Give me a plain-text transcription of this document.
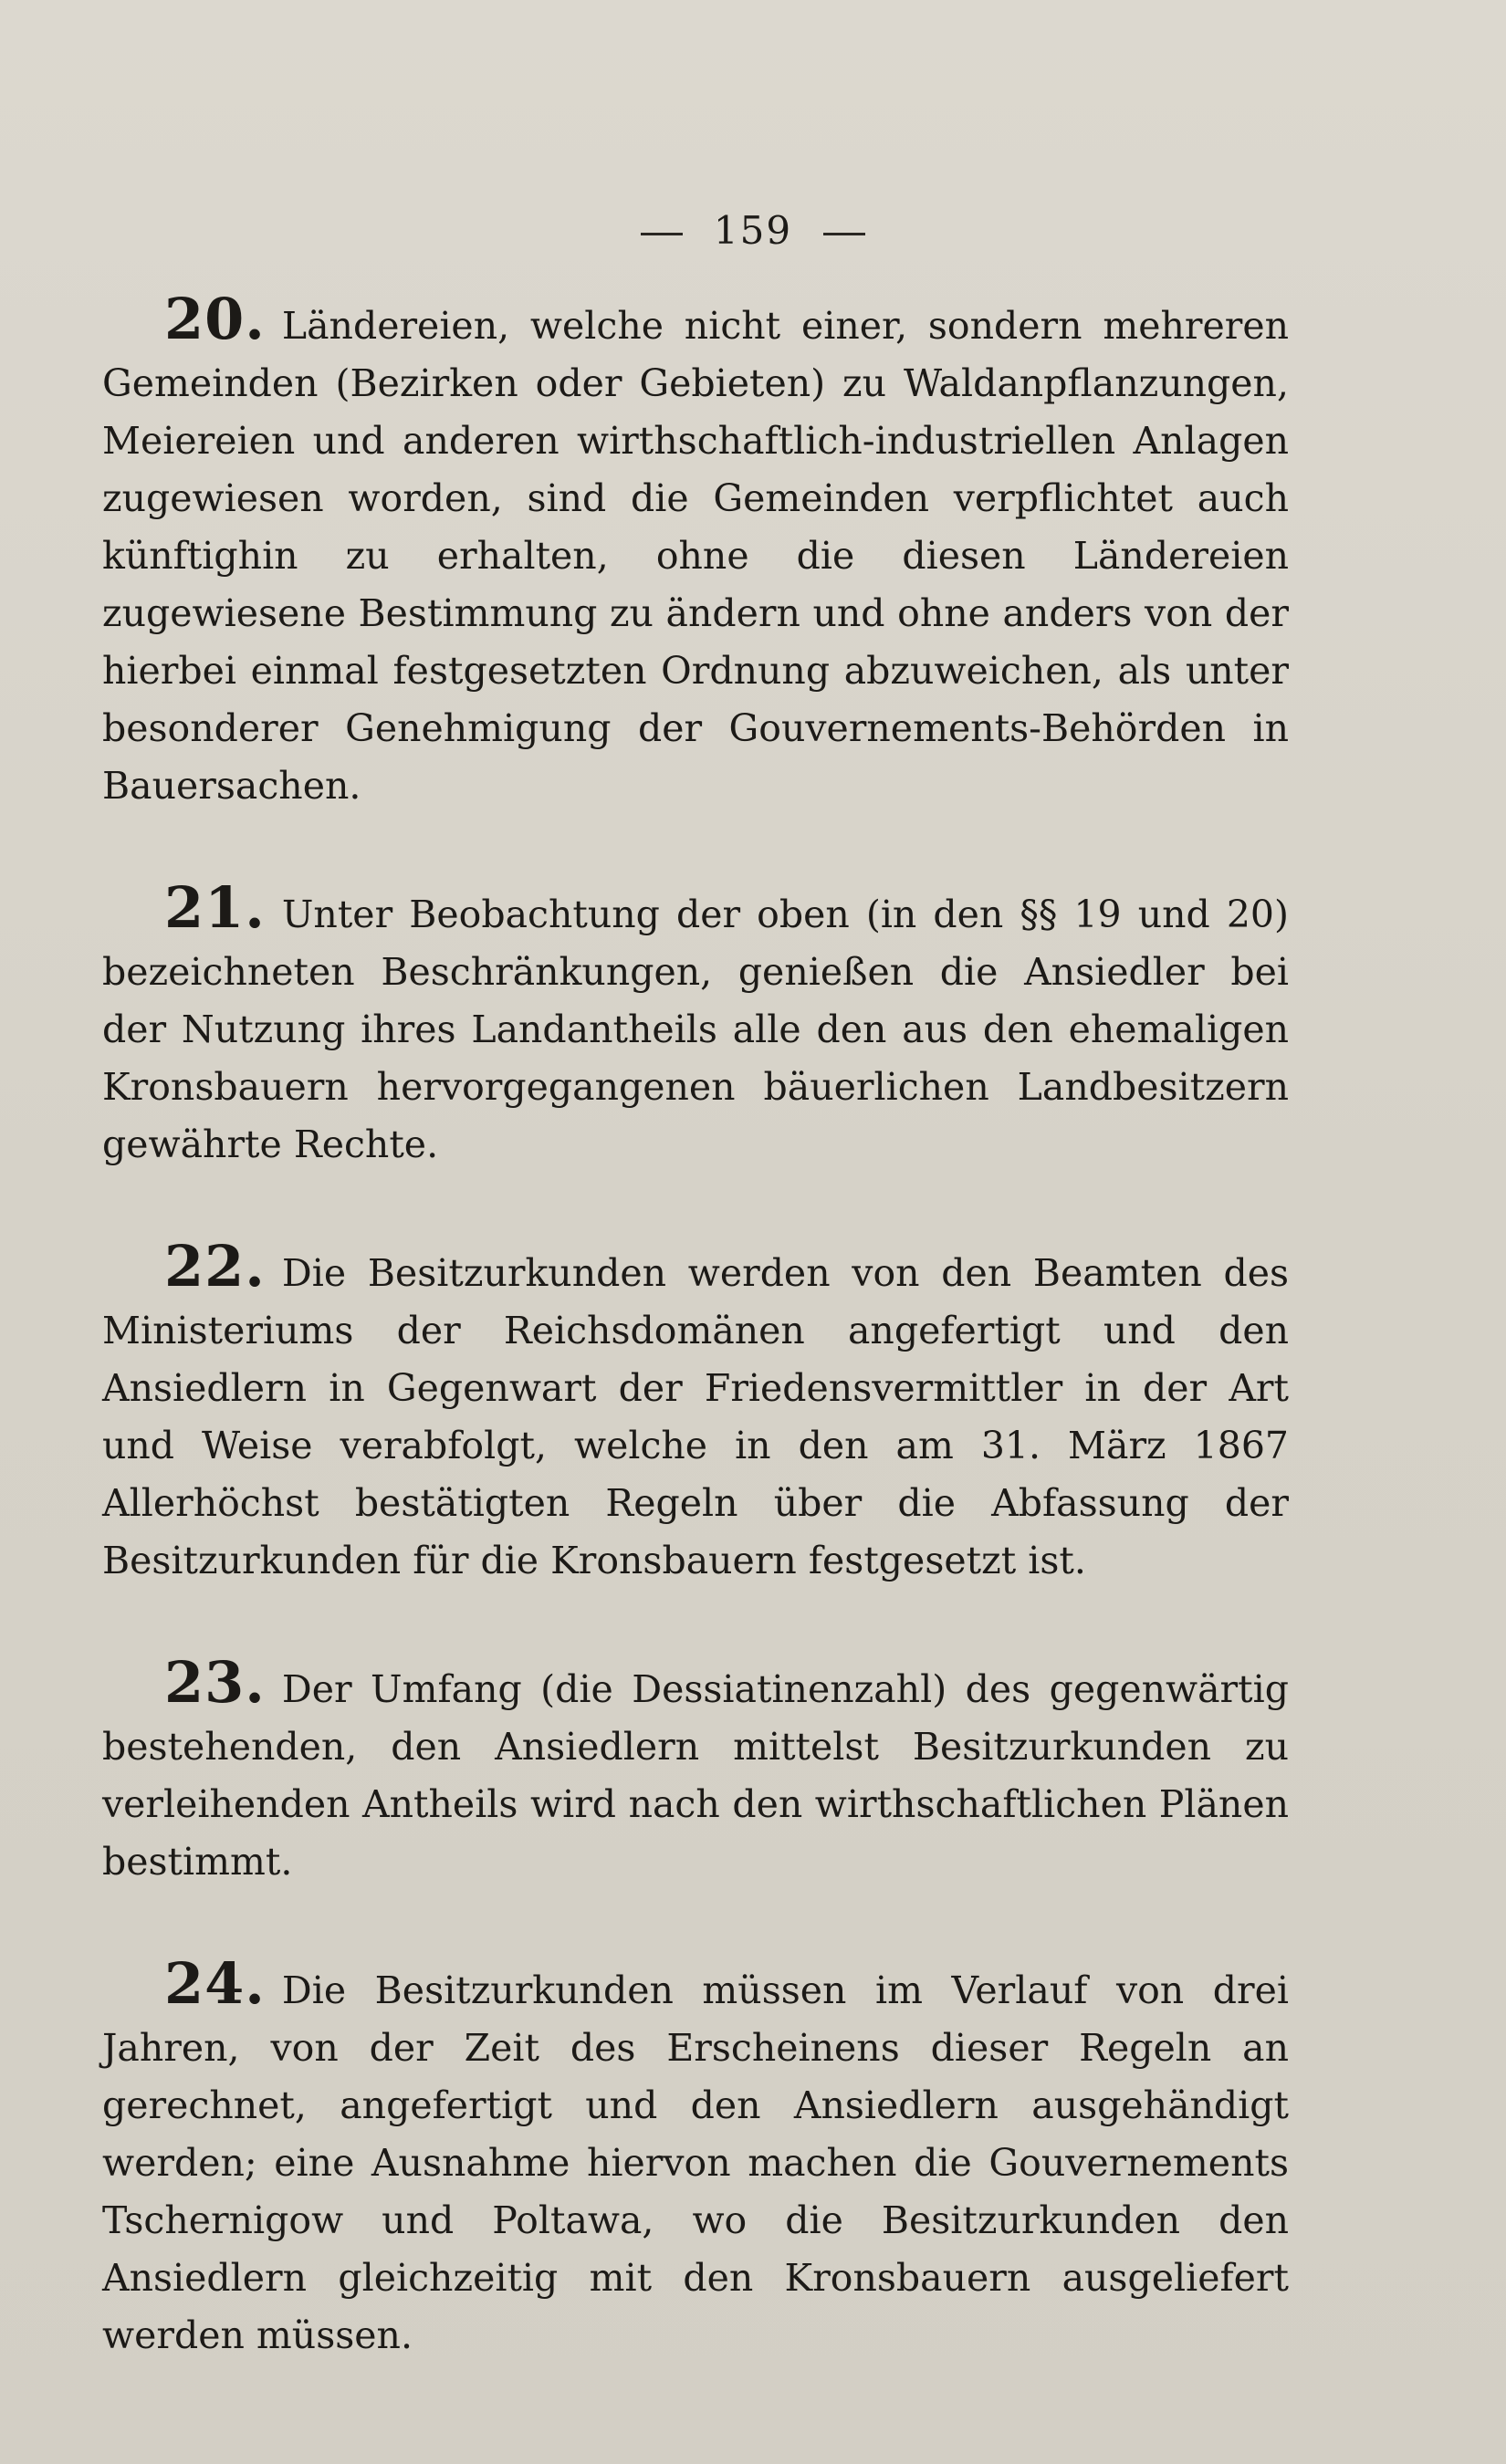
159

20. Ländereien, welche nicht einer, sondern mehreren Gemeinden (Bezirken oder Gebieten) zu Waldanpflanzungen, Meiereien und anderen wirthschaftlich-industriellen Anlagen zugewiesen worden, sind die Gemeinden verpflichtet auch künftighin zu erhalten, ohne die diesen Ländereien zugewiesene Bestimmung zu ändern und ohne anders von der hierbei einmal festgesetzten Ordnung abzuweichen, als unter besonderer Genehmigung der Gouvernements-Behörden in Bauersachen.

21. Unter Beobachtung der oben (in den §§ 19 und 20) bezeichneten Beschränkungen, genießen die Ansiedler bei der Nutzung ihres Landantheils alle den aus den ehemaligen Kronsbauern hervorgegangenen bäuerlichen Landbesitzern gewährte Rechte.

22. Die Besitzurkunden werden von den Beamten des Ministeriums der Reichsdomänen angefertigt und den Ansiedlern in Gegenwart der Friedensvermittler in der Art und Weise verabfolgt, welche in den am 31. März 1867 Allerhöchst bestätigten Regeln über die Abfassung der Besitzurkunden für die Kronsbauern festgesetzt ist.

23. Der Umfang (die Dessiatinenzahl) des gegenwärtig bestehenden, den Ansiedlern mittelst Besitzurkunden zu verleihenden Antheils wird nach den wirthschaftlichen Plänen bestimmt.

24. Die Besitzurkunden müssen im Verlauf von drei Jahren, von der Zeit des Erscheinens dieser Regeln an gerechnet, angefertigt und den Ansiedlern ausgehändigt werden; eine Ausnahme hiervon machen die Gouvernements Tschernigow und Poltawa, wo die Besitzurkunden den Ansiedlern gleichzeitig mit den Kronsbauern ausgeliefert werden müssen.
